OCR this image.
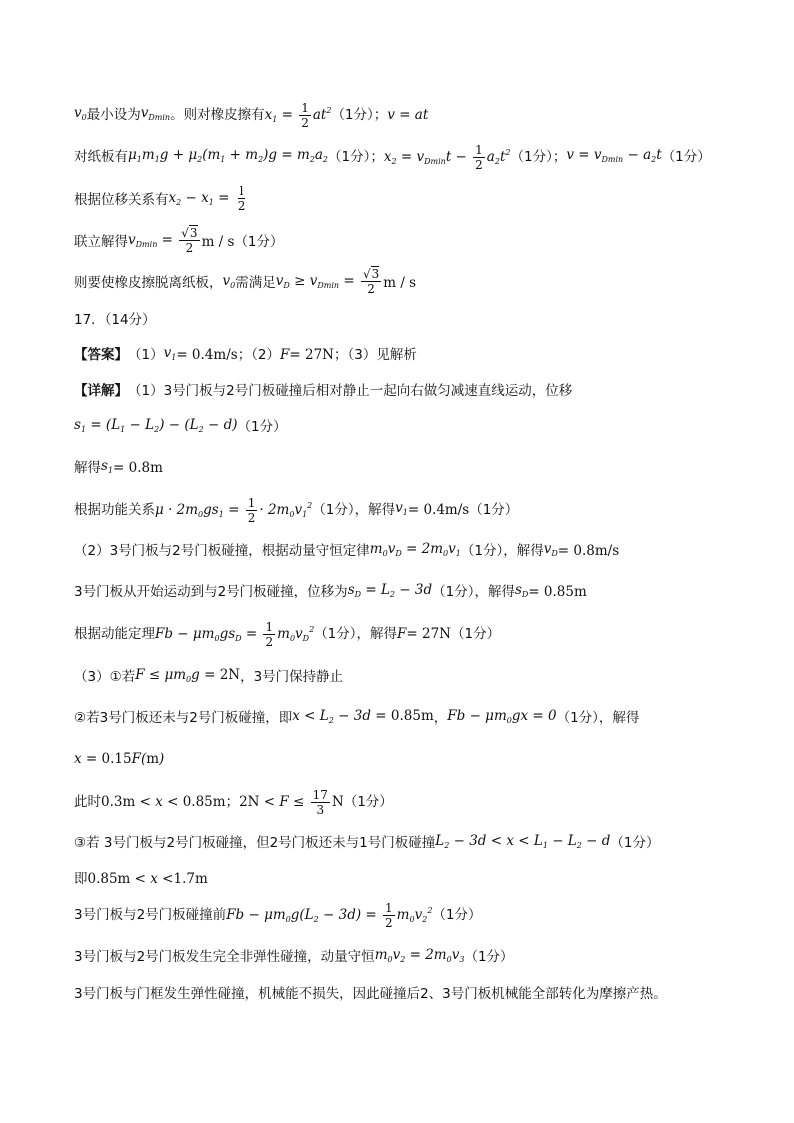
$v_0$ 最小设为 $v_{Dmin}$ 。则对橡皮擦有 $x_1 = \frac{1}{2} at^2$ （1分）； v = at
对纸板有 $\mu_1m_1g + \mu_2(m_1 + m_2)g = m_2a_2$ （1分）； $x_2 = v_{Dmin}t - \frac{1}{2} a_2t^2$ （1分）； $v = v_{Dmin} - a_2t$ （1分）
根据位移关系有 $x_2 - x_1 = \frac{l}{2}$
联立解得 $v_{Dmin} = \frac{√3}{2}$ m / s （1分）
则要使橡皮擦脱离纸板， $v_0$ 需满足 $v_D \ge v_{Dmin} = \frac{√3}{2}$ m / s
17．（14分）
【答案】 （1） $v_1 = 0.4m/s$ ；（2） F = 27N ；（3）见解析
【详解】 （1）3号门板与2号门板碰撞后相对静止一起向右做匀减速直线运动，位移
$s_1 = (L_1 - L_2) - (L_2 - d)$ （1分）
解得 $s_1 = 0.8m$
根据功能关系 $\mu \cdot 2m_0gs_1 = \frac{1}{2} \cdot 2m_0v_1^2$ （1分），解得 $v_1 = 0.4m/s$ （1分）
（2）3号门板与2号门板碰撞，根据动量守恒定律 $m_0v_D = 2m_0v_1$ （1分），解得 $v_D = 0.8m/s$
3号门板从开始运动到与2号门板碰撞，位移为 $s_D = L_2 - 3d$ （1分），解得 $s_D = 0.85m$
根据动能定理 $Fb - \mu m_0gs_D = \frac{1}{2} m_0v_D^2$ （1分），解得 F = 27N （1分）
（3）①若 $F \le \mu m_0g = 2N$ ，3号门保持静止
②若3号门板还未与2号门板碰撞，即 $x < L_2 - 3d = 0.85m$ ， $Fb - \mu m_0gx = 0$ （1分），解得
x = 0.15F(m)
此时 0.3m < x < 0.85m ； $2N < F \le \frac{17}{3}$ N （1分）
③若 3号门板与2号门板碰撞，但2号门板还未与1号门板碰撞 $L_2 - 3d < x < L_1 - L_2 - d$ （1分）
即 0.85m < x <1.7m
3号门板与2号门板碰撞前 $Fb - \mu m_0g(L_2 - 3d) = \frac{1}{2} m_0v_2^2$ （1分）
3号门板与2号门板发生完全非弹性碰撞，动量守恒 $m_0v_2 = 2m_0v_3$ （1分）
3号门板与门框发生弹性碰撞，机械能不损失，因此碰撞后2、3号门板机械能全部转化为摩擦产热。
